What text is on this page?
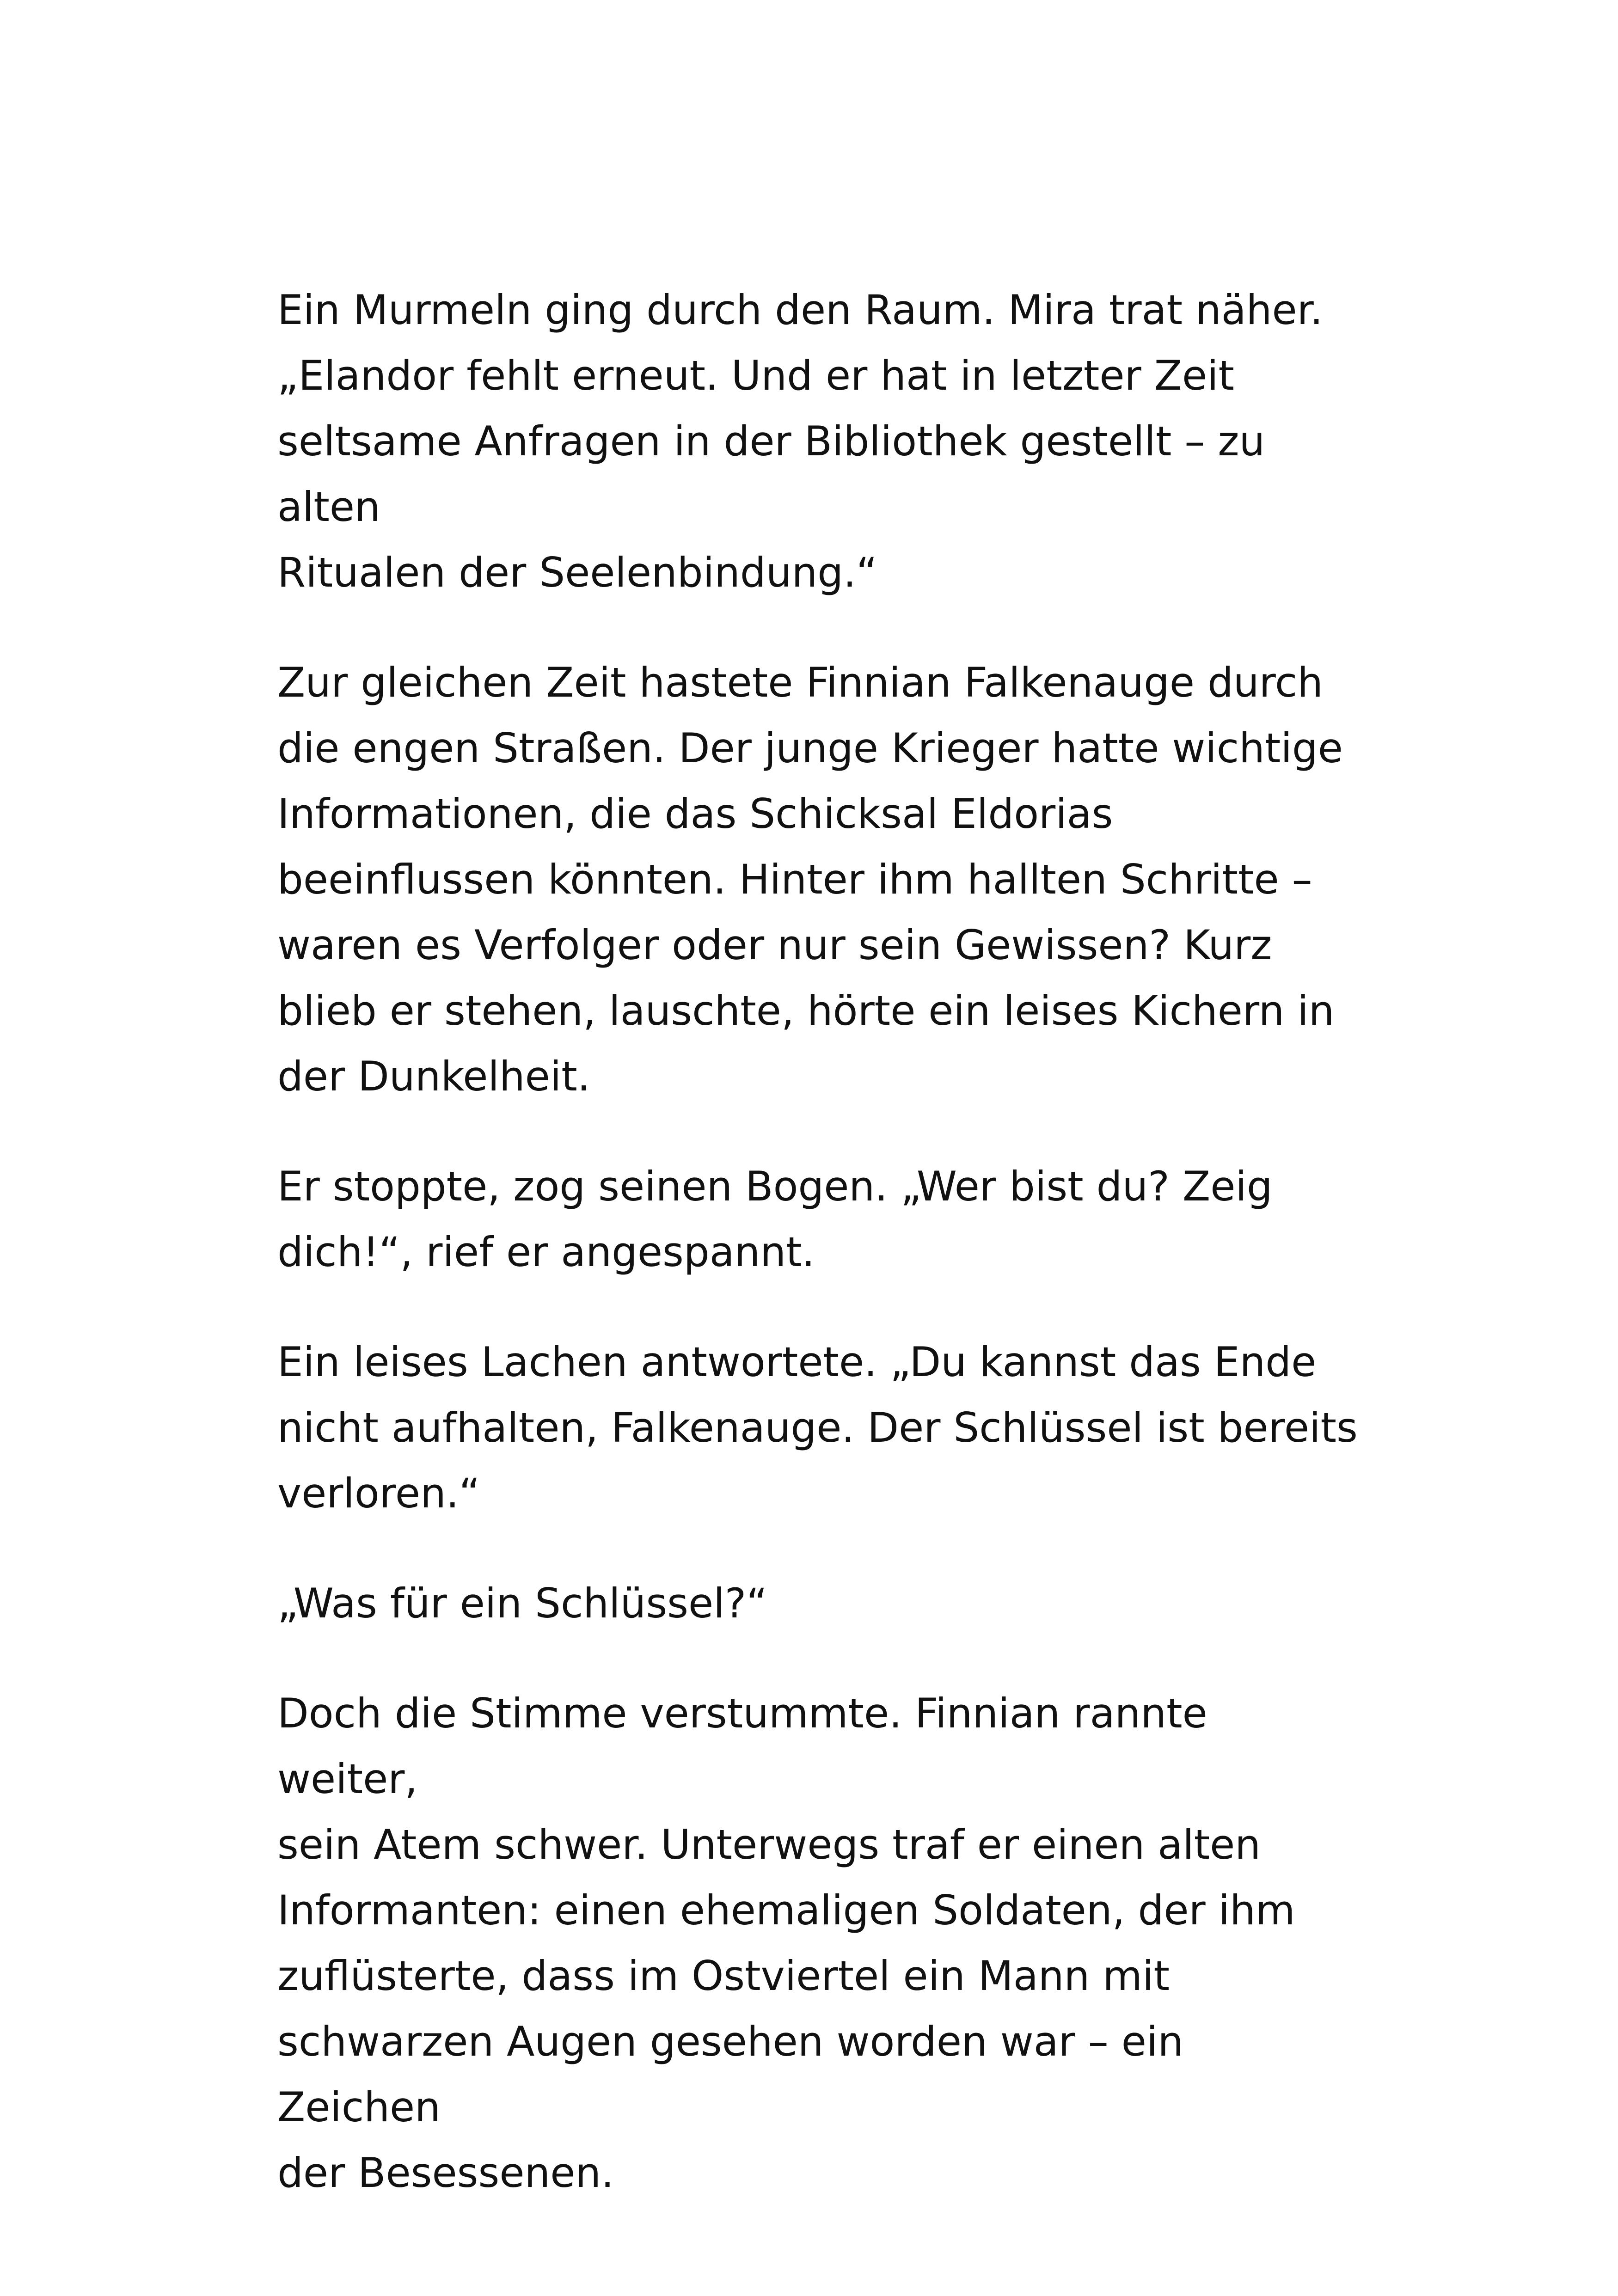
Ein Murmeln ging durch den Raum. Mira trat näher.
„Elandor fehlt erneut. Und er hat in letzter Zeit
seltsame Anfragen in der Bibliothek gestellt – zu alten
Ritualen der Seelenbindung.“

Zur gleichen Zeit hastete Finnian Falkenauge durch
die engen Straßen. Der junge Krieger hatte wichtige
Informationen, die das Schicksal Eldorias
beeinflussen könnten. Hinter ihm hallten Schritte –
waren es Verfolger oder nur sein Gewissen? Kurz
blieb er stehen, lauschte, hörte ein leises Kichern in
der Dunkelheit.

Er stoppte, zog seinen Bogen. „Wer bist du? Zeig
dich!“, rief er angespannt.

Ein leises Lachen antwortete. „Du kannst das Ende
nicht aufhalten, Falkenauge. Der Schlüssel ist bereits
verloren.“

„Was für ein Schlüssel?“

Doch die Stimme verstummte. Finnian rannte weiter,
sein Atem schwer. Unterwegs traf er einen alten
Informanten: einen ehemaligen Soldaten, der ihm
zuflüsterte, dass im Ostviertel ein Mann mit
schwarzen Augen gesehen worden war – ein Zeichen
der Besessenen.
